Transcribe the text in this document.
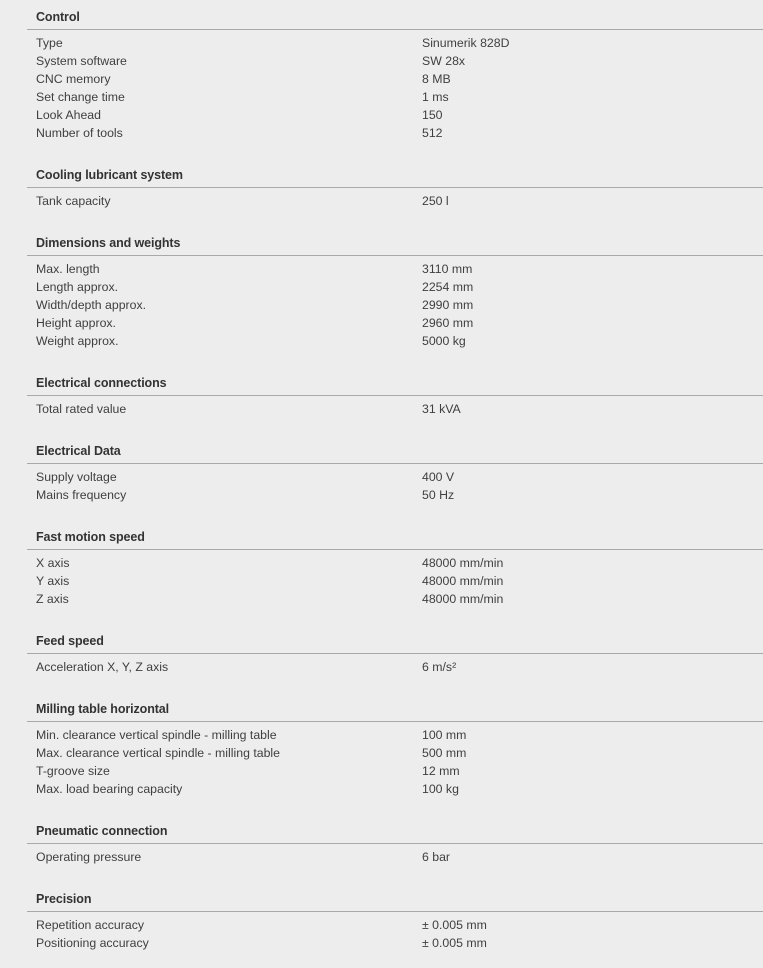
Control
Type	Sinumerik 828D
System software	SW 28x
CNC memory	8 MB
Set change time	1 ms
Look Ahead	150
Number of tools	512
Cooling lubricant system
Tank capacity	250 l
Dimensions and weights
Max. length	3110 mm
Length approx.	2254 mm
Width/depth approx.	2990 mm
Height approx.	2960 mm
Weight approx.	5000 kg
Electrical connections
Total rated value	31 kVA
Electrical Data
Supply voltage	400 V
Mains frequency	50 Hz
Fast motion speed
X axis	48000 mm/min
Y axis	48000 mm/min
Z axis	48000 mm/min
Feed speed
Acceleration X, Y, Z axis	6 m/s²
Milling table horizontal
Min. clearance vertical spindle - milling table	100 mm
Max. clearance vertical spindle - milling table	500 mm
T-groove size	12 mm
Max. load bearing capacity	100 kg
Pneumatic connection
Operating pressure	6 bar
Precision
Repetition accuracy	± 0.005 mm
Positioning accuracy	± 0.005 mm
